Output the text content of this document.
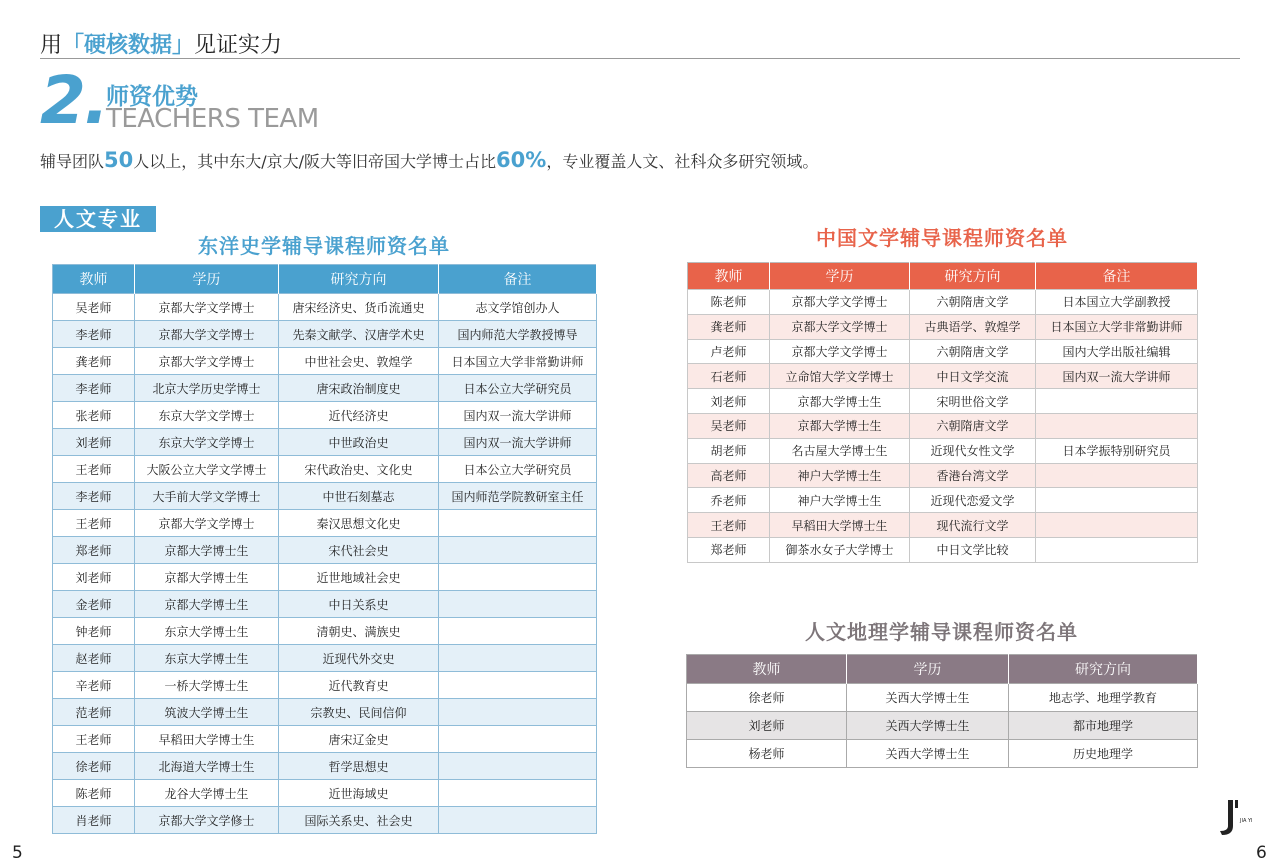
用「硬核数据」见证实力
2. 师资优势
TEACHERS TEAM
辅导团队50人以上，其中东大/京大/阪大等旧帝国大学博士占比60%，专业覆盖人文、社科众多研究领域。
人文专业
东洋史学辅导课程师资名单
教师	学历	研究方向	备注
吴老师	京都大学文学博士	唐宋经济史、货币流通史	志文学馆创办人
李老师	京都大学文学博士	先秦文献学、汉唐学术史	国内师范大学教授博导
龚老师	京都大学文学博士	中世社会史、敦煌学	日本国立大学非常勤讲师
李老师	北京大学历史学博士	唐宋政治制度史	日本公立大学研究员
张老师	东京大学文学博士	近代经济史	国内双一流大学讲师
刘老师	东京大学文学博士	中世政治史	国内双一流大学讲师
王老师	大阪公立大学文学博士	宋代政治史、文化史	日本公立大学研究员
李老师	大手前大学文学博士	中世石刻墓志	国内师范学院教研室主任
王老师	京都大学文学博士	秦汉思想文化史	
郑老师	京都大学博士生	宋代社会史	
刘老师	京都大学博士生	近世地域社会史	
金老师	京都大学博士生	中日关系史	
钟老师	东京大学博士生	清朝史、满族史	
赵老师	东京大学博士生	近现代外交史	
辛老师	一桥大学博士生	近代教育史	
范老师	筑波大学博士生	宗教史、民间信仰	
王老师	早稻田大学博士生	唐宋辽金史	
徐老师	北海道大学博士生	哲学思想史	
陈老师	龙谷大学博士生	近世海域史	
肖老师	京都大学文学修士	国际关系史、社会史	
中国文学辅导课程师资名单
教师	学历	研究方向	备注
陈老师	京都大学文学博士	六朝隋唐文学	日本国立大学副教授
龚老师	京都大学文学博士	古典语学、敦煌学	日本国立大学非常勤讲师
卢老师	京都大学文学博士	六朝隋唐文学	国内大学出版社编辑
石老师	立命馆大学文学博士	中日文学交流	国内双一流大学讲师
刘老师	京都大学博士生	宋明世俗文学	
吴老师	京都大学博士生	六朝隋唐文学	
胡老师	名古屋大学博士生	近现代女性文学	日本学振特别研究员
高老师	神户大学博士生	香港台湾文学	
乔老师	神户大学博士生	近现代恋爱文学	
王老师	早稻田大学博士生	现代流行文学	
郑老师	御茶水女子大学博士	中日文学比较	
人文地理学辅导课程师资名单
教师	学历	研究方向
徐老师	关西大学博士生	地志学、地理学教育
刘老师	关西大学博士生	都市地理学
杨老师	关西大学博士生	历史地理学
5	6
JIA YI
